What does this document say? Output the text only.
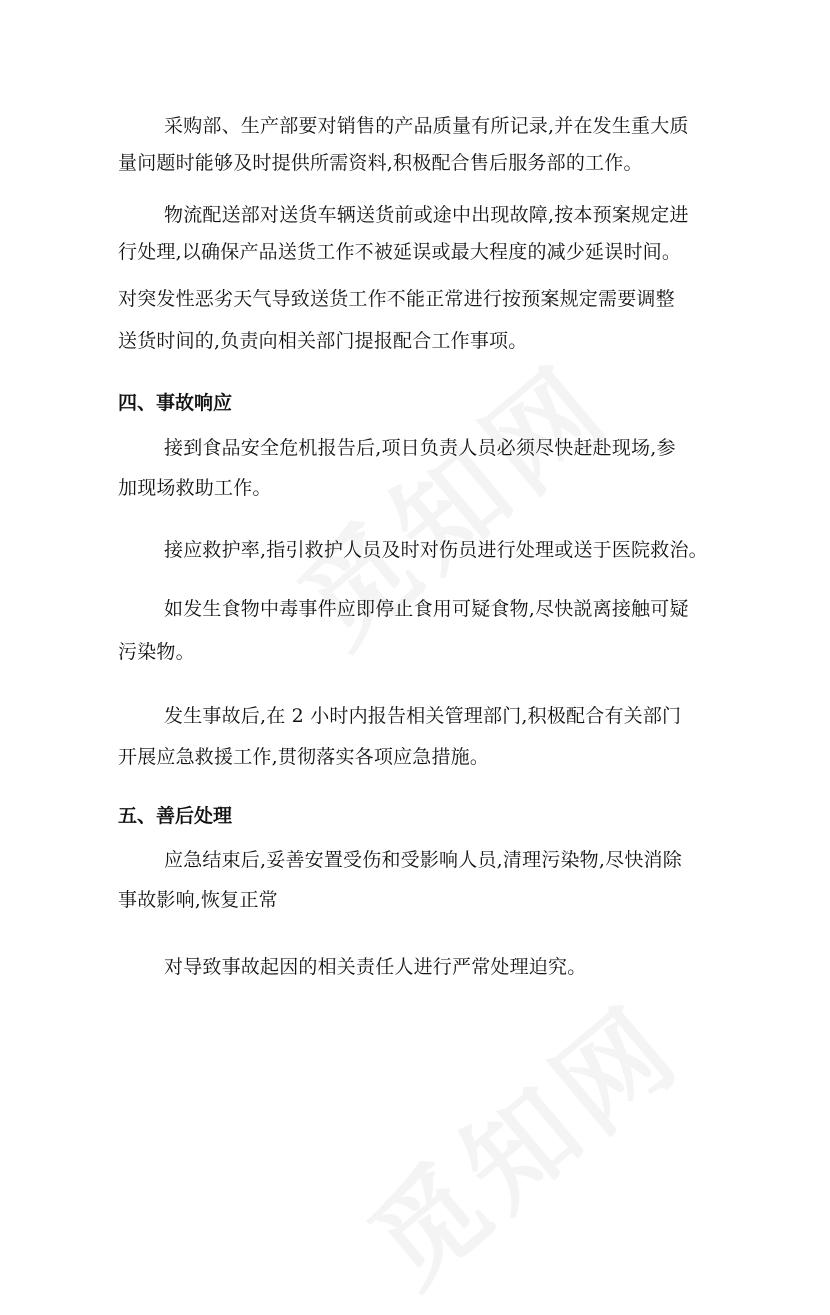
采购部、生产部要对销售的产品质量有所记录,并在发生重大质
量问题时能够及时提供所需资料,积极配合售后服务部的工作。
物流配送部对送货车辆送货前或途中出现故障,按本预案规定进
行处理,以确保产品送货工作不被延误或最大程度的减少延误时间。
对突发性恶劣天气导致送货工作不能正常进行按预案规定需要调整
送货时间的,负责向相关部门提报配合工作事项。
四、事故响应
接到食品安全危机报告后,项日负责人员必须尽快赶赴现场,参
加现场救助工作。
接应救护率,指引救护人员及时对伤员进行处理或送于医院救治。
如发生食物中毒事件应即停止食用可疑食物,尽快説离接触可疑
污染物。
发生事故后,在 2 小时内报告相关管理部门,积极配合有关部门
开展应急救援工作,贯彻落实各项应急措施。
五、善后处理
应急结束后,妥善安置受伤和受影响人员,清理污染物,尽快消除
事故影响,恢复正常
对导致事故起因的相关责任人进行严常处理迫究。
